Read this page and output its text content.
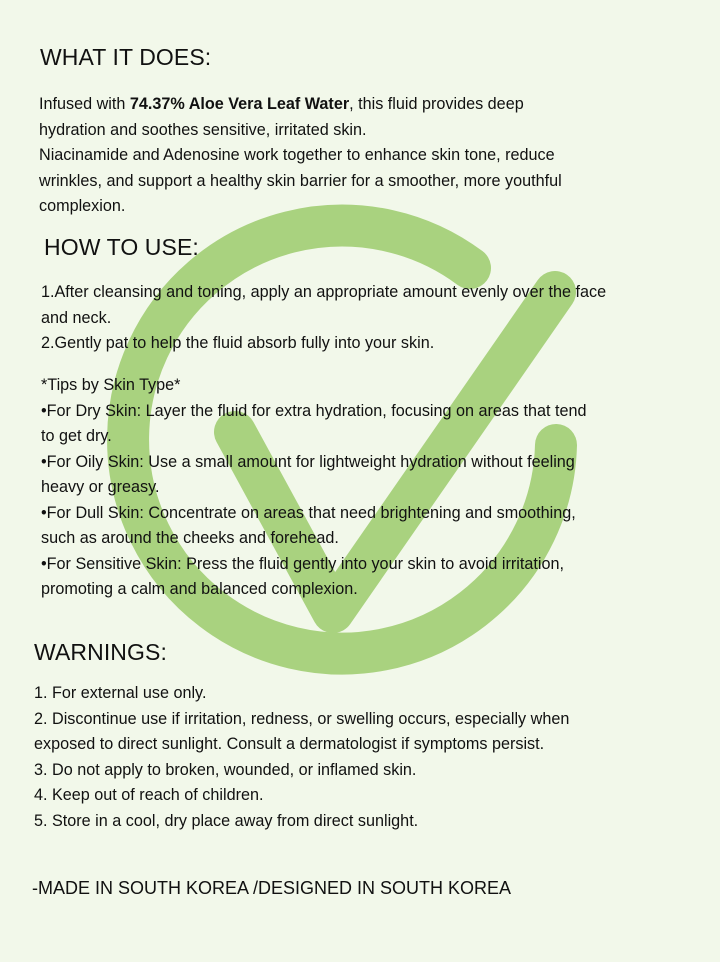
WHAT IT DOES:
Infused with 74.37% Aloe Vera Leaf Water, this fluid provides deep
hydration and soothes sensitive, irritated skin.
Niacinamide and Adenosine work together to enhance skin tone, reduce
wrinkles, and support a healthy skin barrier for a smoother, more youthful
complexion.
HOW TO USE:
1.After cleansing and toning, apply an appropriate amount evenly over the face
and neck.
2.Gently pat to help the fluid absorb fully into your skin.
*Tips by Skin Type*
•For Dry Skin: Layer the fluid for extra hydration, focusing on areas that tend
to get dry.
•For Oily Skin: Use a small amount for lightweight hydration without feeling
heavy or greasy.
•For Dull Skin: Concentrate on areas that need brightening and smoothing,
such as around the cheeks and forehead.
•For Sensitive Skin: Press the fluid gently into your skin to avoid irritation,
promoting a calm and balanced complexion.
WARNINGS:
1. For external use only.
2. Discontinue use if irritation, redness, or swelling occurs, especially when
exposed to direct sunlight. Consult a dermatologist if symptoms persist.
3. Do not apply to broken, wounded, or inflamed skin.
4. Keep out of reach of children.
5. Store in a cool, dry place away from direct sunlight.
-MADE IN SOUTH KOREA /DESIGNED IN SOUTH KOREA
